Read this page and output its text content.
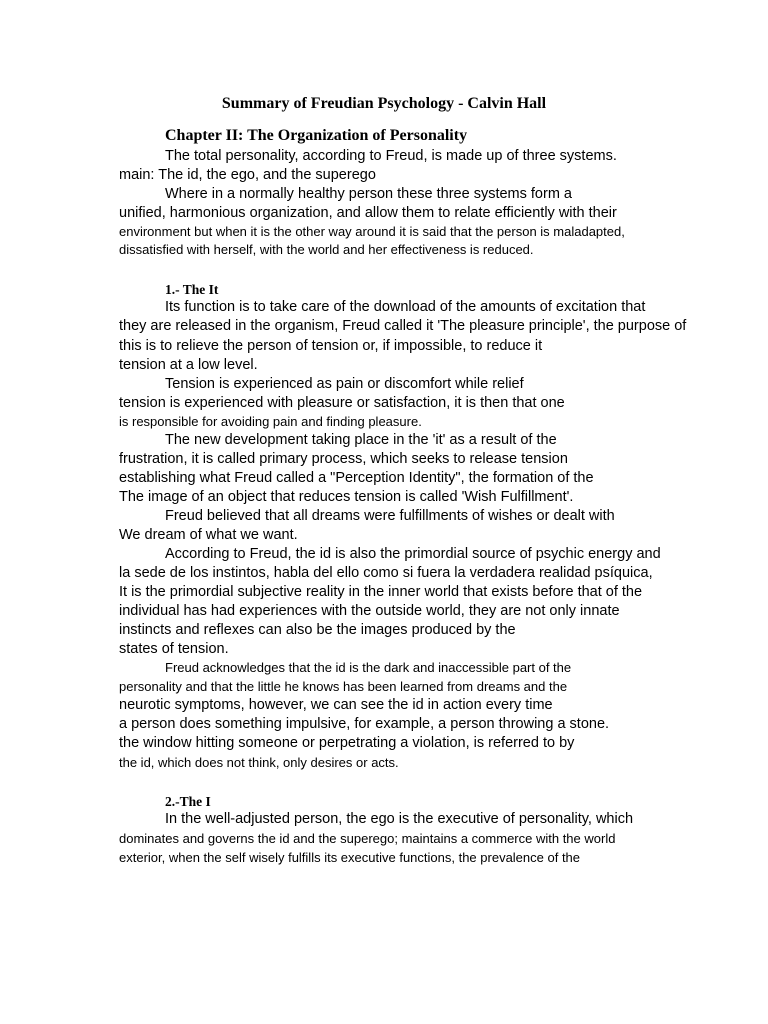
Summary of Freudian Psychology - Calvin Hall
Chapter II: The Organization of Personality
The total personality, according to Freud, is made up of three systems.
main: The id, the ego, and the superego
Where in a normally healthy person these three systems form a
unified, harmonious organization, and allow them to relate efficiently with their
environment but when it is the other way around it is said that the person is maladapted,
dissatisfied with herself, with the world and her effectiveness is reduced.
1.- The It
Its function is to take care of the download of the amounts of excitation that
they are released in the organism, Freud called it 'The pleasure principle', the purpose of
this is to relieve the person of tension or, if impossible, to reduce it
tension at a low level.
Tension is experienced as pain or discomfort while relief
tension is experienced with pleasure or satisfaction, it is then that one
is responsible for avoiding pain and finding pleasure.
The new development taking place in the 'it' as a result of the
frustration, it is called primary process, which seeks to release tension
establishing what Freud called a "Perception Identity", the formation of the
The image of an object that reduces tension is called 'Wish Fulfillment'.
Freud believed that all dreams were fulfillments of wishes or dealt with
We dream of what we want.
According to Freud, the id is also the primordial source of psychic energy and
la sede de los instintos, habla del ello como si fuera la verdadera realidad psíquica,
It is the primordial subjective reality in the inner world that exists before that of the
individual has had experiences with the outside world, they are not only innate
instincts and reflexes can also be the images produced by the
states of tension.
Freud acknowledges that the id is the dark and inaccessible part of the
personality and that the little he knows has been learned from dreams and the
neurotic symptoms, however, we can see the id in action every time
a person does something impulsive, for example, a person throwing a stone.
the window hitting someone or perpetrating a violation, is referred to by
the id, which does not think, only desires or acts.
2.-The I
In the well-adjusted person, the ego is the executive of personality, which
dominates and governs the id and the superego; maintains a commerce with the world
exterior, when the self wisely fulfills its executive functions, the prevalence of the
